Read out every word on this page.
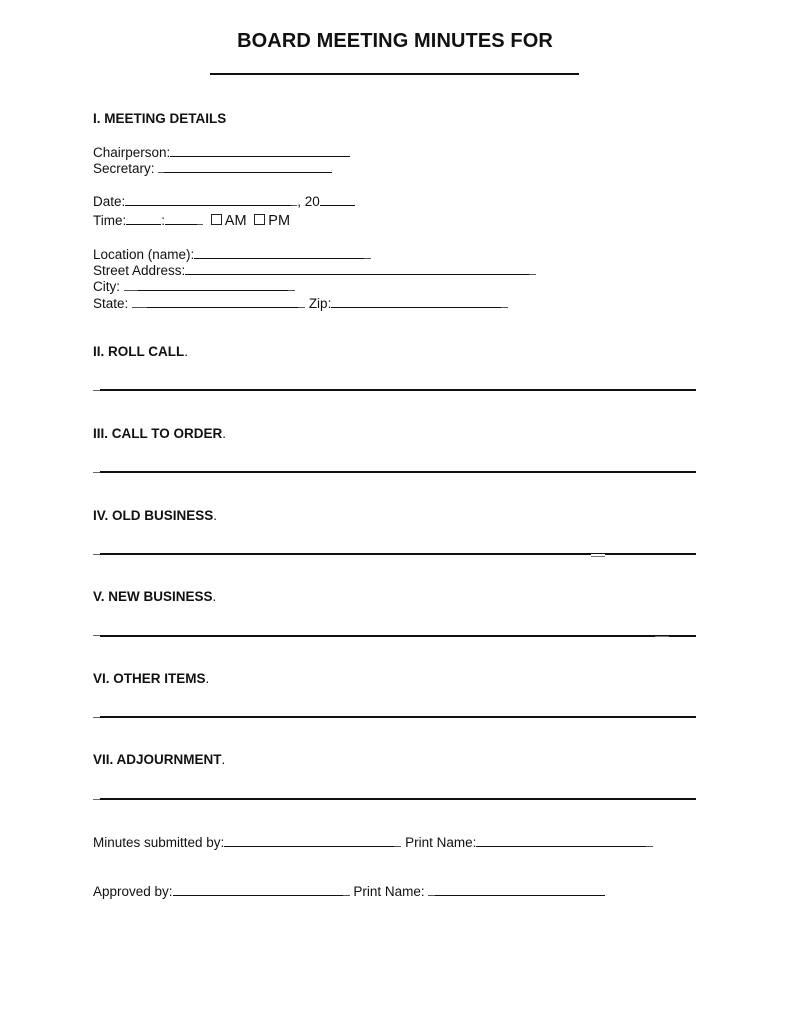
BOARD MEETING MINUTES FOR
I. MEETING DETAILS
Chairperson:
Secretary:
Date:	, 20
Time:	:	AM PM
Location (name):
Street Address:
City:
State:	Zip:
II. ROLL CALL.
III. CALL TO ORDER.
IV. OLD BUSINESS.
V. NEW BUSINESS.
VI. OTHER ITEMS.
VII. ADJOURNMENT.
Minutes submitted by:	Print Name:
Approved by:	Print Name:
